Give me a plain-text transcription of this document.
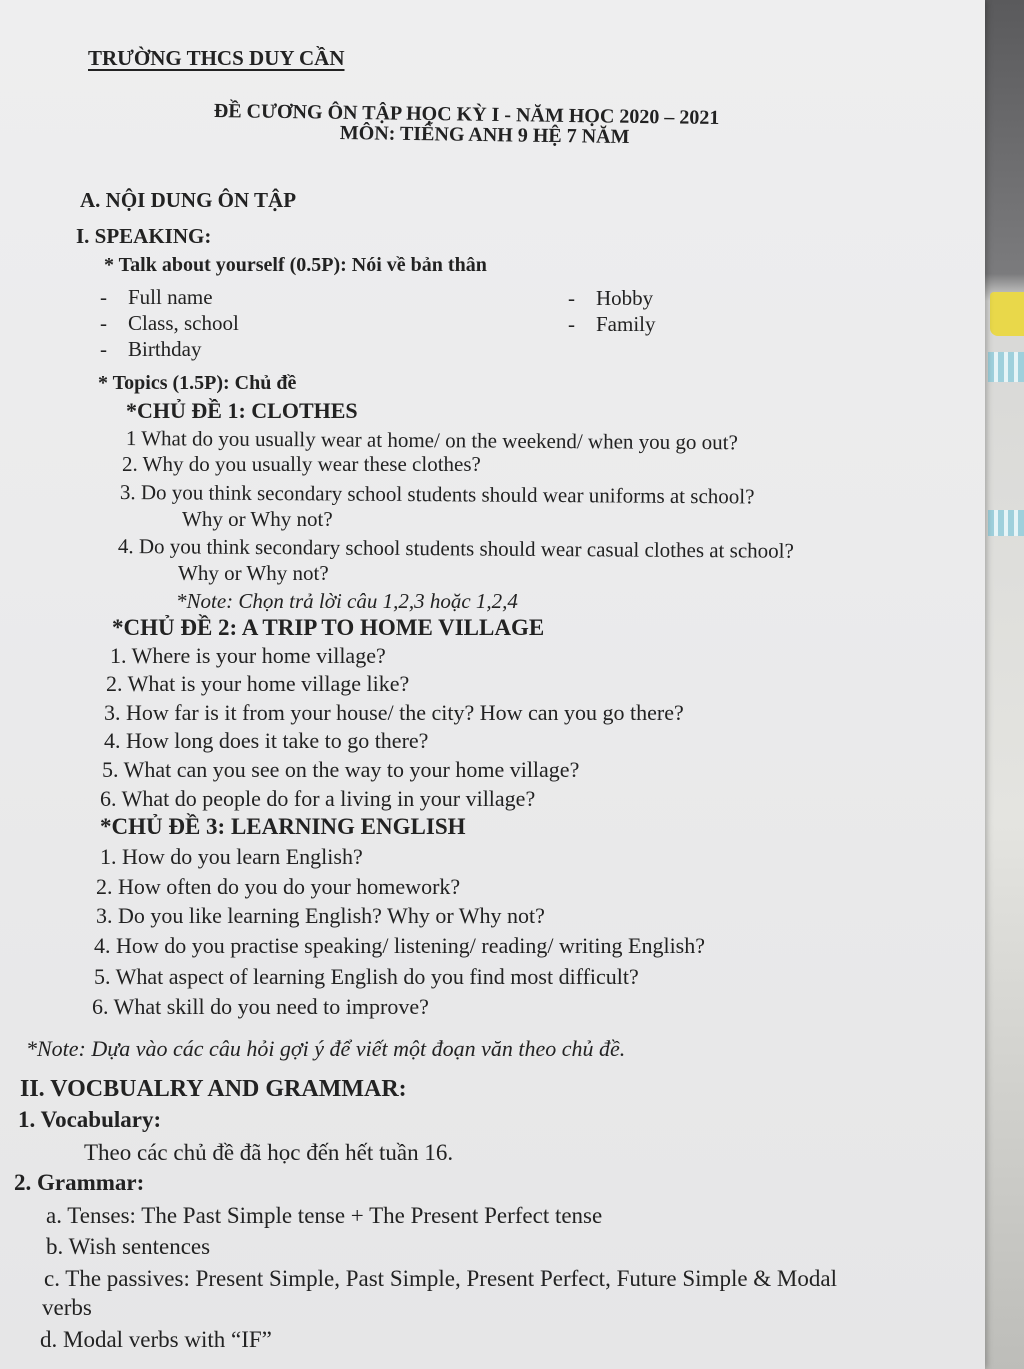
TRƯỜNG THCS DUY CẦN
ĐỀ CƯƠNG ÔN TẬP HỌC KỲ I - NĂM HỌC 2020 – 2021
MÔN: TIẾNG ANH 9 HỆ 7 NĂM
A. NỘI DUNG ÔN TẬP
I. SPEAKING:
* Talk about yourself (0.5P): Nói về bản thân
-    Full name
-    Class, school
-    Birthday
-    Hobby
-    Family
* Topics (1.5P): Chủ đề
*CHỦ ĐỀ 1: CLOTHES
1 What do you usually wear at home/ on the weekend/ when you go out?
2. Why do you usually wear these clothes?
3. Do you think secondary school students should wear uniforms at school?
Why or Why not?
4. Do you think secondary school students should wear casual clothes at school?
Why or Why not?
*Note: Chọn trả lời câu 1,2,3 hoặc 1,2,4
*CHỦ ĐỀ 2: A TRIP TO HOME VILLAGE
1. Where is your home village?
2. What is your home village like?
3. How far is it from your house/ the city? How can you go there?
4. How long does it take to go there?
5. What can you see on the way to your home village?
6. What do people do for a living in your village?
*CHỦ ĐỀ 3: LEARNING ENGLISH
1. How do you learn English?
2. How often do you do your homework?
3. Do you like learning English? Why or Why not?
4. How do you practise speaking/ listening/ reading/ writing English?
5. What aspect of learning English do you find most difficult?
6. What skill do you need to improve?
*Note: Dựa vào các câu hỏi gợi ý để viết một đoạn văn theo chủ đề.
II. VOCBUALRY AND GRAMMAR:
1. Vocabulary:
Theo các chủ đề đã học đến hết tuần 16.
2. Grammar:
a. Tenses: The Past Simple tense + The Present Perfect tense
b. Wish sentences
c. The passives: Present Simple, Past Simple, Present Perfect, Future Simple & Modal
verbs
d. Modal verbs with “IF”
